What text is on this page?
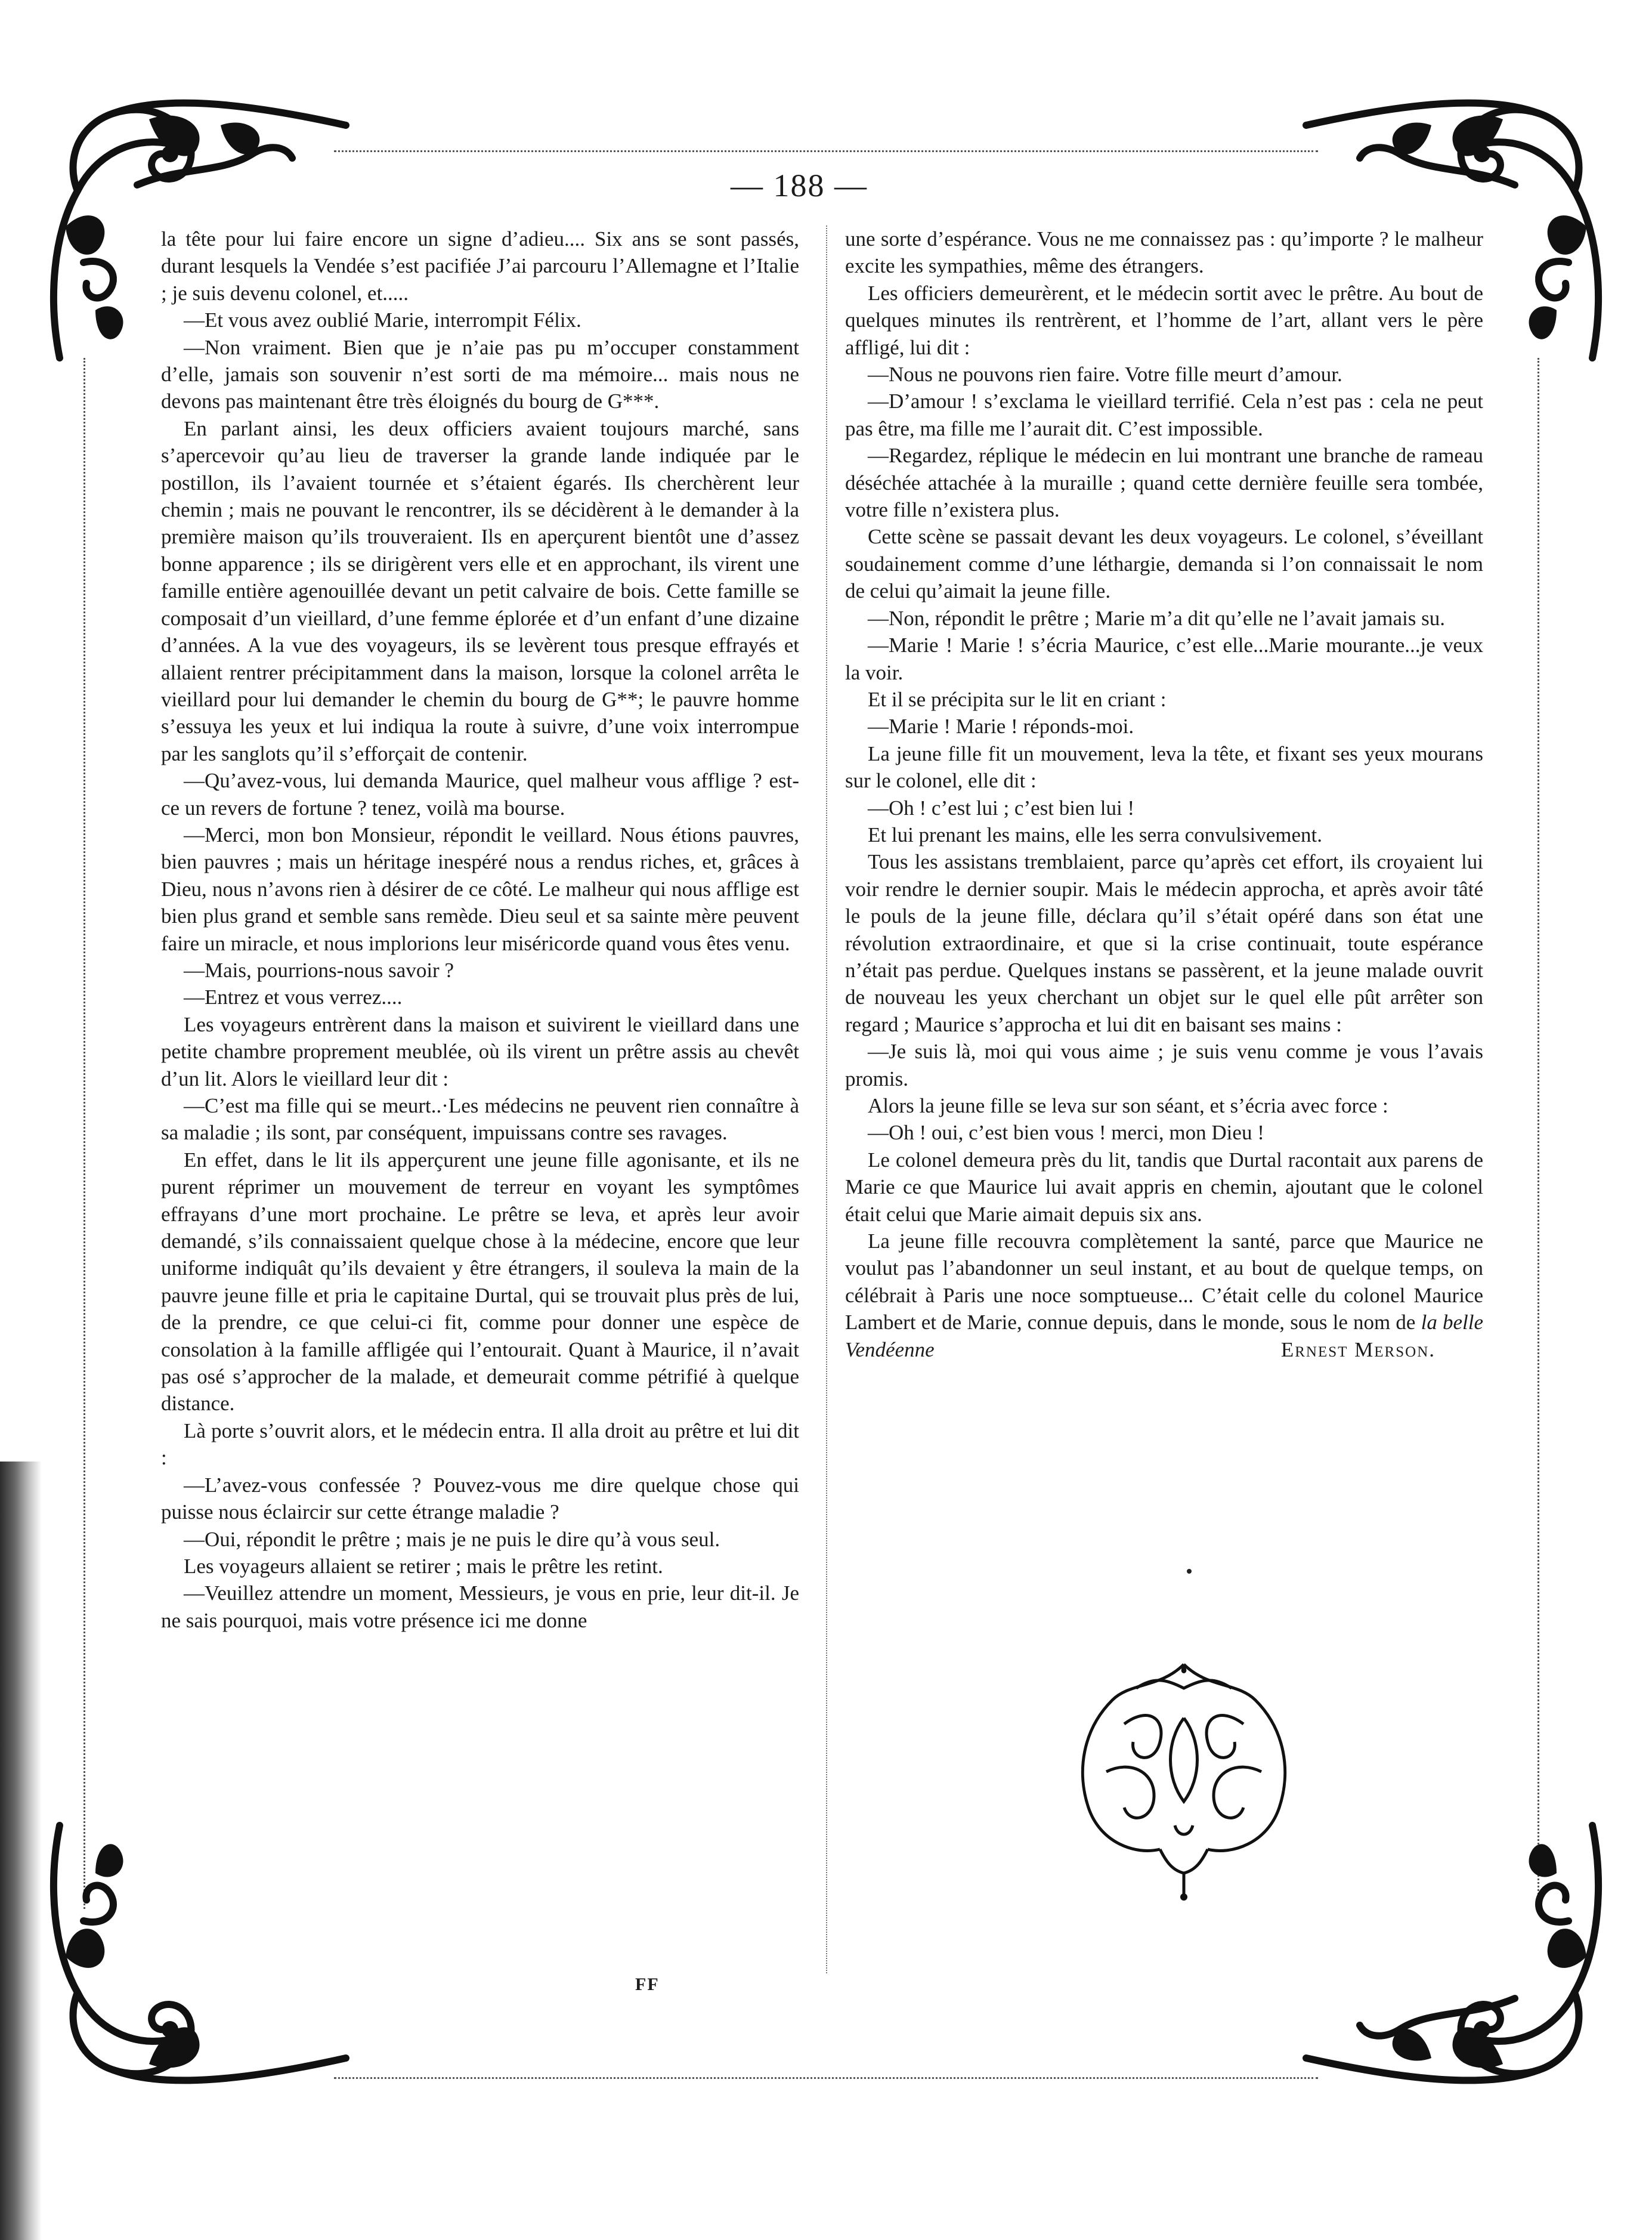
— 188 —

la tête pour lui faire encore un signe d’adieu.... Six ans se sont passés, durant lesquels la Vendée s’est pacifiée J’ai parcouru l’Allemagne et l’Italie ; je suis devenu colonel, et.....

—Et vous avez oublié Marie, interrompit Félix.

—Non vraiment. Bien que je n’aie pas pu m’occuper constamment d’elle, jamais son souvenir n’est sorti de ma mémoire... mais nous ne devons pas maintenant être très éloignés du bourg de G***.

En parlant ainsi, les deux officiers avaient toujours marché, sans s’apercevoir qu’au lieu de traverser la grande lande indiquée par le postillon, ils l’avaient tournée et s’étaient égarés. Ils cherchèrent leur chemin ; mais ne pouvant le rencontrer, ils se décidèrent à le demander à la première maison qu’ils trouveraient. Ils en aperçurent bientôt une d’assez bonne apparence ; ils se dirigèrent vers elle et en approchant, ils virent une famille entière agenouillée devant un petit calvaire de bois. Cette famille se composait d’un vieillard, d’une femme éplorée et d’un enfant d’une dizaine d’années. A la vue des voyageurs, ils se levèrent tous presque effrayés et allaient rentrer précipitamment dans la maison, lorsque la colonel arrêta le vieillard pour lui demander le chemin du bourg de G**; le pauvre homme s’essuya les yeux et lui indiqua la route à suivre, d’une voix interrompue par les sanglots qu’il s’efforçait de contenir.

—Qu’avez-vous, lui demanda Maurice, quel malheur vous afflige ? est-ce un revers de fortune ? tenez, voilà ma bourse.

—Merci, mon bon Monsieur, répondit le veillard. Nous étions pauvres, bien pauvres ; mais un héritage inespéré nous a rendus riches, et, grâces à Dieu, nous n’avons rien à désirer de ce côté. Le malheur qui nous afflige est bien plus grand et semble sans remède. Dieu seul et sa sainte mère peuvent faire un miracle, et nous implorions leur miséricorde quand vous êtes venu.

—Mais, pourrions-nous savoir ?

—Entrez et vous verrez....

Les voyageurs entrèrent dans la maison et suivirent le vieillard dans une petite chambre proprement meublée, où ils virent un prêtre assis au chevêt d’un lit. Alors le vieillard leur dit :

—C’est ma fille qui se meurt..·Les médecins ne peuvent rien connaître à sa maladie ; ils sont, par conséquent, impuissans contre ses ravages.

En effet, dans le lit ils apperçurent une jeune fille agonisante, et ils ne purent réprimer un mouvement de terreur en voyant les symptômes effrayans d’une mort prochaine. Le prêtre se leva, et après leur avoir demandé, s’ils connaissaient quelque chose à la médecine, encore que leur uniforme indiquât qu’ils devaient y être étrangers, il souleva la main de la pauvre jeune fille et pria le capitaine Durtal, qui se trouvait plus près de lui, de la prendre, ce que celui-ci fit, comme pour donner une espèce de consolation à la famille affligée qui l’entourait. Quant à Maurice, il n’avait pas osé s’approcher de la malade, et demeurait comme pétrifié à quelque distance.

Là porte s’ouvrit alors, et le médecin entra. Il alla droit au prêtre et lui dit :

—L’avez-vous confessée ? Pouvez-vous me dire quelque chose qui puisse nous éclaircir sur cette étrange maladie ?

—Oui, répondit le prêtre ; mais je ne puis le dire qu’à vous seul.

Les voyageurs allaient se retirer ; mais le prêtre les retint.

—Veuillez attendre un moment, Messieurs, je vous en prie, leur dit-il. Je ne sais pourquoi, mais votre présence ici me donne

une sorte d’espérance. Vous ne me connaissez pas : qu’importe ? le malheur excite les sympathies, même des étrangers.

Les officiers demeurèrent, et le médecin sortit avec le prêtre. Au bout de quelques minutes ils rentrèrent, et l’homme de l’art, allant vers le père affligé, lui dit :

—Nous ne pouvons rien faire. Votre fille meurt d’amour.

—D’amour ! s’exclama le vieillard terrifié. Cela n’est pas : cela ne peut pas être, ma fille me l’aurait dit. C’est impossible.

—Regardez, réplique le médecin en lui montrant une branche de rameau déséchée attachée à la muraille ; quand cette dernière feuille sera tombée, votre fille n’existera plus.

Cette scène se passait devant les deux voyageurs. Le colonel, s’éveillant soudainement comme d’une léthargie, demanda si l’on connaissait le nom de celui qu’aimait la jeune fille.

—Non, répondit le prêtre ; Marie m’a dit qu’elle ne l’avait jamais su.

—Marie ! Marie ! s’écria Maurice, c’est elle...Marie mourante...je veux la voir.

Et il se précipita sur le lit en criant :

—Marie ! Marie ! réponds-moi.

La jeune fille fit un mouvement, leva la tête, et fixant ses yeux mourans sur le colonel, elle dit :

—Oh ! c’est lui ; c’est bien lui !

Et lui prenant les mains, elle les serra convulsivement.

Tous les assistans tremblaient, parce qu’après cet effort, ils croyaient lui voir rendre le dernier soupir. Mais le médecin approcha, et après avoir tâté le pouls de la jeune fille, déclara qu’il s’était opéré dans son état une révolution extraordinaire, et que si la crise continuait, toute espérance n’était pas perdue. Quelques instans se passèrent, et la jeune malade ouvrit de nouveau les yeux cherchant un objet sur le quel elle pût arrêter son regard ; Maurice s’approcha et lui dit en baisant ses mains :

—Je suis là, moi qui vous aime ; je suis venu comme je vous l’avais promis.

Alors la jeune fille se leva sur son séant, et s’écria avec force :

—Oh ! oui, c’est bien vous ! merci, mon Dieu !

Le colonel demeura près du lit, tandis que Durtal racontait aux parens de Marie ce que Maurice lui avait appris en chemin, ajoutant que le colonel était celui que Marie aimait depuis six ans.

La jeune fille recouvra complètement la santé, parce que Maurice ne voulut pas l’abandonner un seul instant, et au bout de quelque temps, on célébrait à Paris une noce somptueuse... C’était celle du colonel Maurice Lambert et de Marie, connue depuis, dans le monde, sous le nom de la belle Vendéenne	Ernest Merson.

FF
